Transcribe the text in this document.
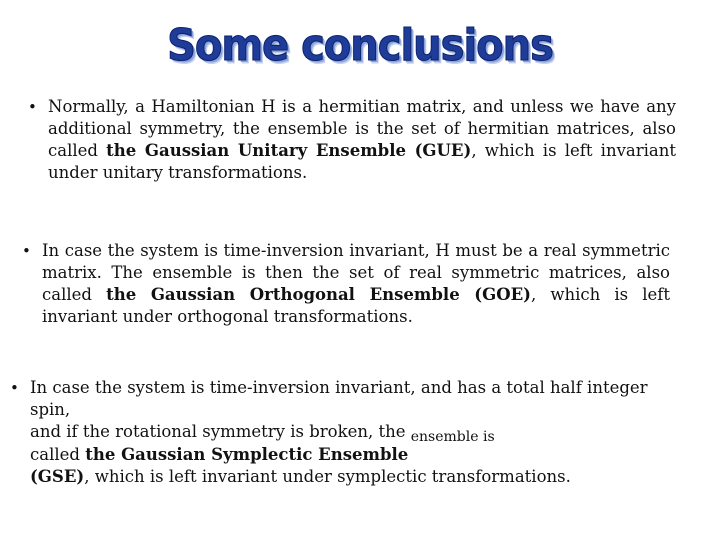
Some conclusions
• Normally, a Hamiltonian H is a hermitian matrix, and unless we have any additional symmetry, the ensemble is the set of hermitian matrices, also called the Gaussian Unitary Ensemble (GUE), which is left invariant under unitary transformations.
• In case the system is time-inversion invariant, H must be a real symmetric matrix. The ensemble is then the set of real symmetric matrices, also called the Gaussian Orthogonal Ensemble (GOE), which is left invariant under orthogonal transformations.
• In case the system is time-inversion invariant, and has a total half integer spin,
and if the rotational symmetry is broken, the $_{ensemble is}$
called the Gaussian Symplectic Ensemble
(GSE), which is left invariant under symplectic transformations.
